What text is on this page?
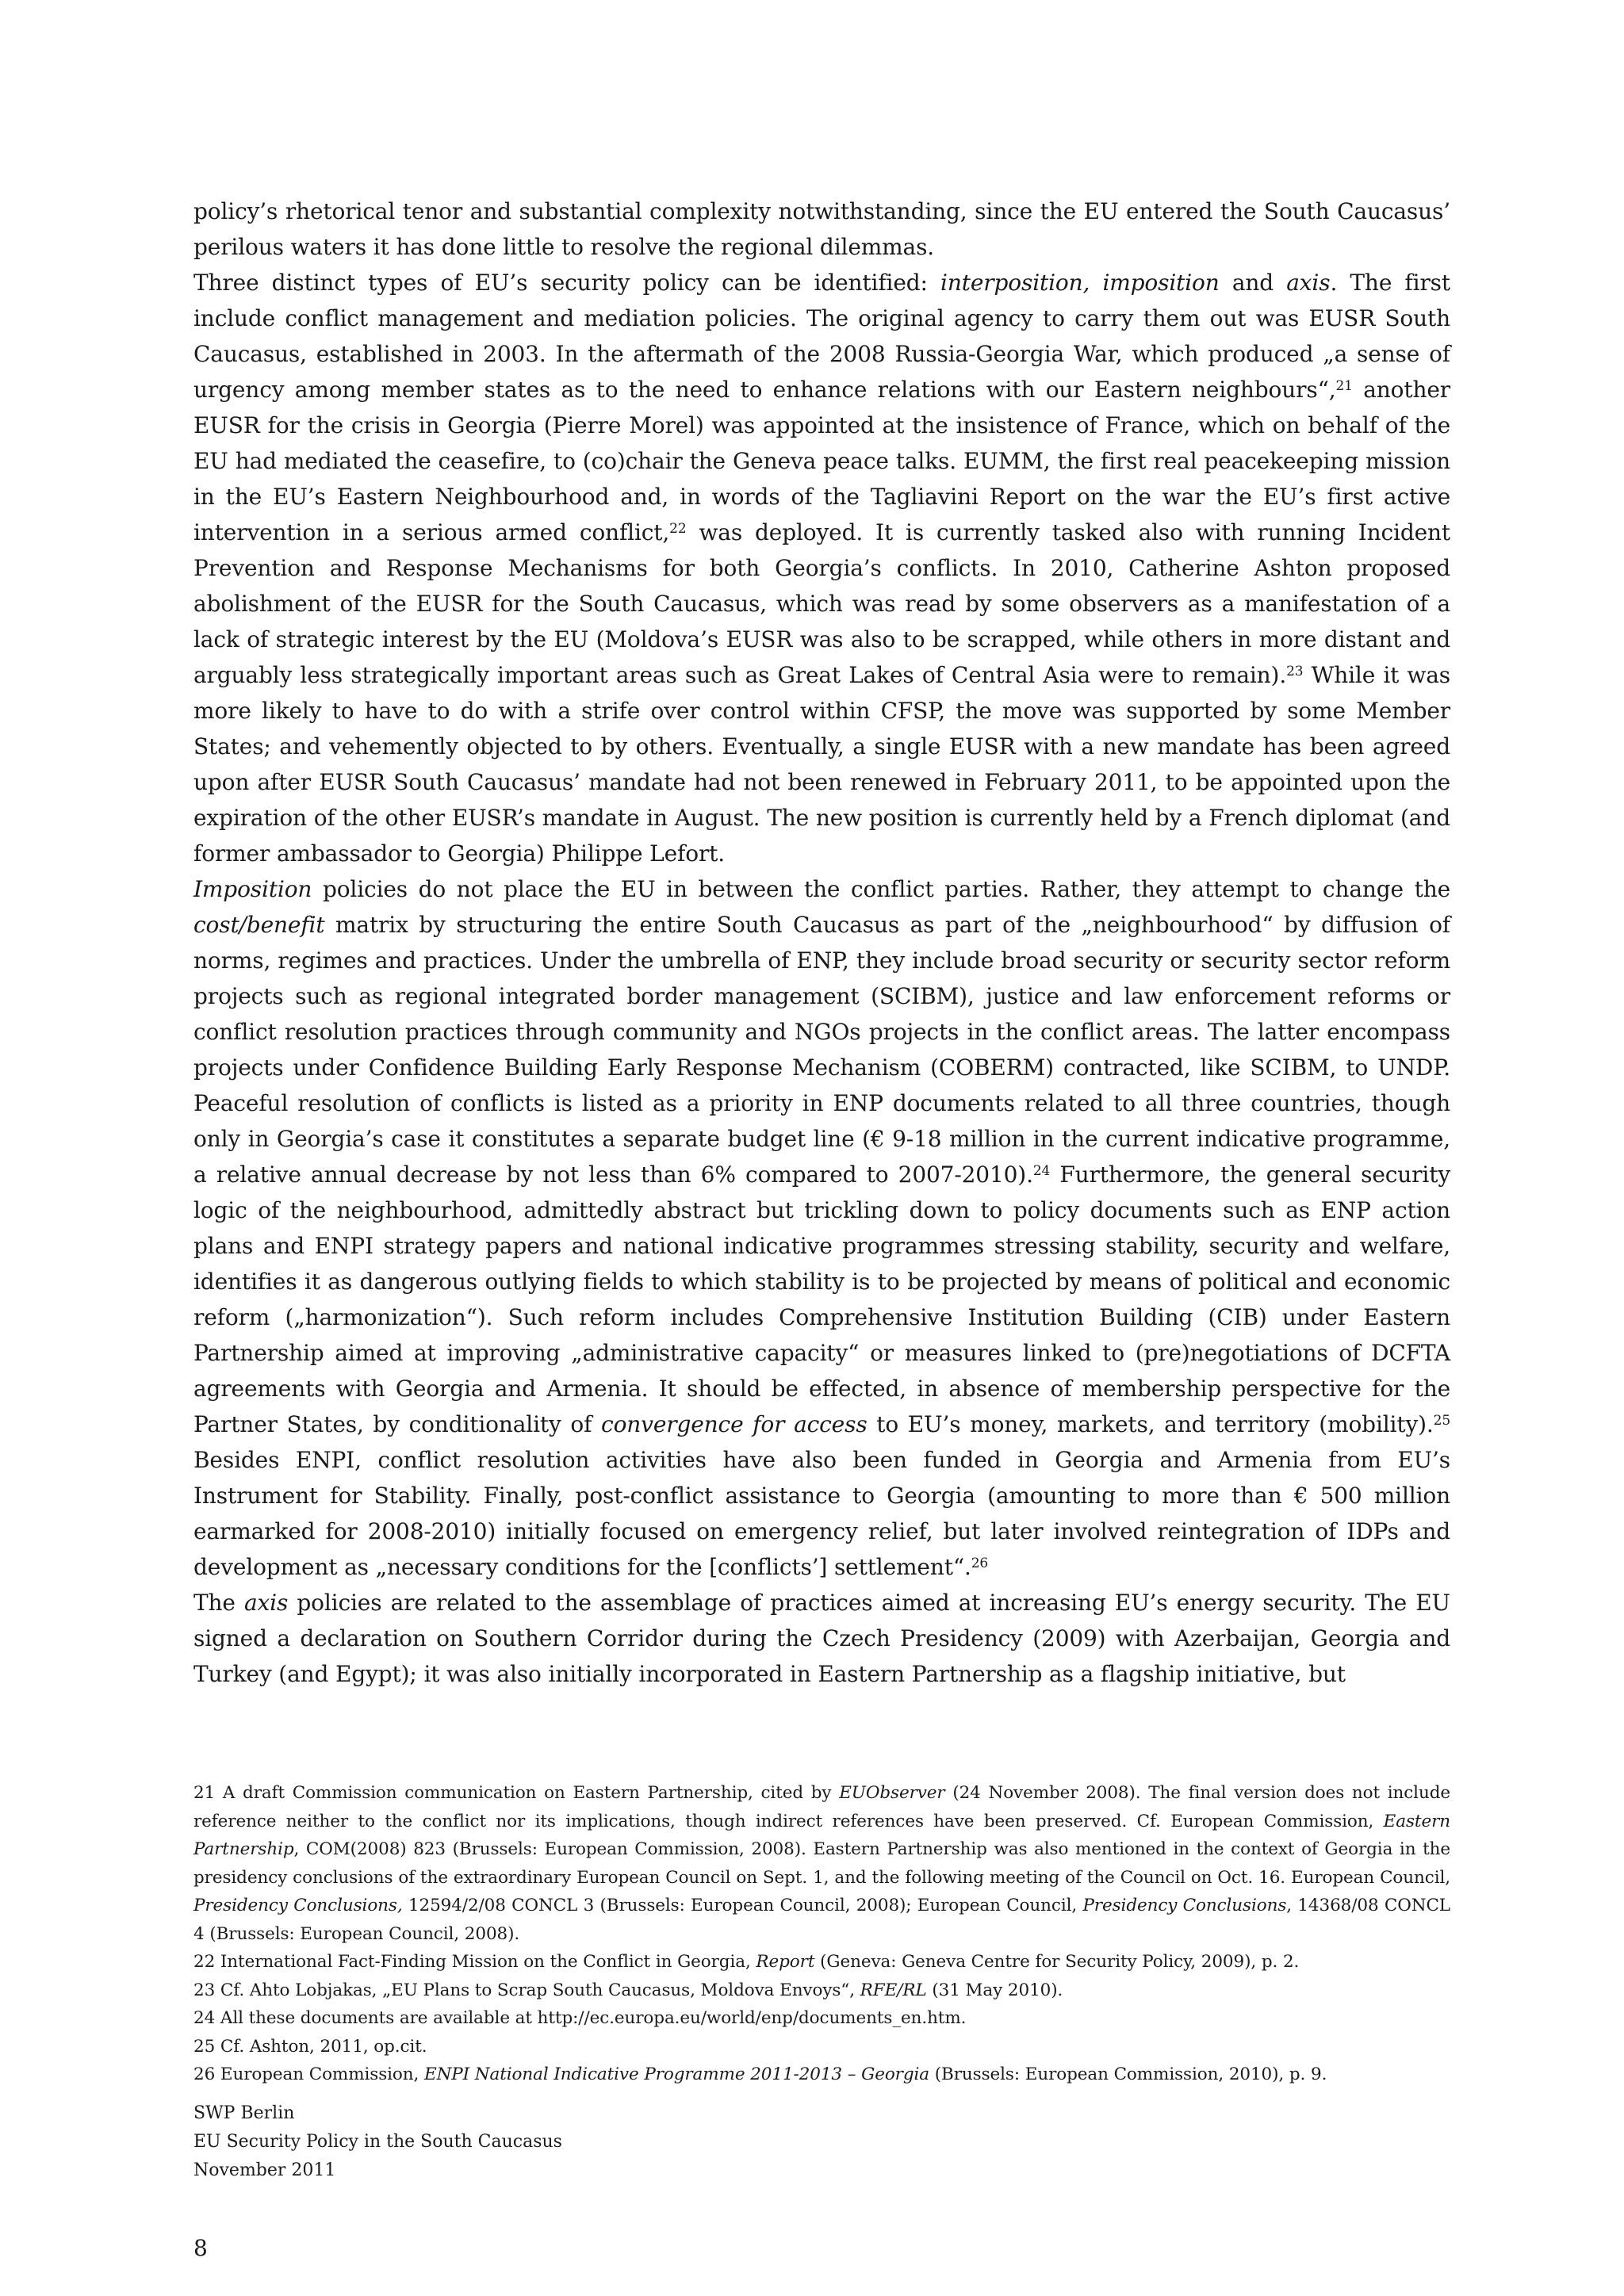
policy’s rhetorical tenor and substantial complexity notwithstanding, since the EU entered the South Caucasus’ perilous waters it has done little to resolve the regional dilemmas.

Three distinct types of EU’s security policy can be identified: interposition, imposition and axis. The first include conflict management and mediation policies. The original agency to carry them out was EUSR South Caucasus, established in 2003. In the aftermath of the 2008 Russia-Georgia War, which produced „a sense of urgency among member states as to the need to enhance relations with our Eastern neighbours“,$^{21}$ another EUSR for the crisis in Georgia (Pierre Morel) was appointed at the insistence of France, which on behalf of the EU had mediated the ceasefire, to (co)chair the Geneva peace talks. EUMM, the first real peacekeeping mission in the EU’s Eastern Neighbourhood and, in words of the Tagliavini Report on the war the EU’s first active intervention in a serious armed conflict,$^{22}$ was deployed. It is currently tasked also with running Incident Prevention and Response Mechanisms for both Georgia’s conflicts. In 2010, Catherine Ashton proposed abolishment of the EUSR for the South Caucasus, which was read by some observers as a manifestation of a lack of strategic interest by the EU (Moldova’s EUSR was also to be scrapped, while others in more distant and arguably less strategically important areas such as Great Lakes of Central Asia were to remain).$^{23}$ While it was more likely to have to do with a strife over control within CFSP, the move was supported by some Member States; and vehemently objected to by others. Eventually, a single EUSR with a new mandate has been agreed upon after EUSR South Caucasus’ mandate had not been renewed in February 2011, to be appointed upon the expiration of the other EUSR’s mandate in August. The new position is currently held by a French diplomat (and former ambassador to Georgia) Philippe Lefort.

Imposition policies do not place the EU in between the conflict parties. Rather, they attempt to change the cost/benefit matrix by structuring the entire South Caucasus as part of the „neighbourhood“ by diffusion of norms, regimes and practices. Under the umbrella of ENP, they include broad security or security sector reform projects such as regional integrated border management (SCIBM), justice and law enforcement reforms or conflict resolution practices through community and NGOs projects in the conflict areas. The latter encompass projects under Confidence Building Early Response Mechanism (COBERM) contracted, like SCIBM, to UNDP. Peaceful resolution of conflicts is listed as a priority in ENP documents related to all three countries, though only in Georgia’s case it constitutes a separate budget line (€ 9-18 million in the current indicative programme, a relative annual decrease by not less than 6% compared to 2007-2010).$^{24}$ Furthermore, the general security logic of the neighbourhood, admittedly abstract but trickling down to policy documents such as ENP action plans and ENPI strategy papers and national indicative programmes stressing stability, security and welfare, identifies it as dangerous outlying fields to which stability is to be projected by means of political and economic reform („harmonization“). Such reform includes Comprehensive Institution Building (CIB) under Eastern Partnership aimed at improving „administrative capacity“ or measures linked to (pre)negotiations of DCFTA agreements with Georgia and Armenia. It should be effected, in absence of membership perspective for the Partner States, by conditionality of convergence for access to EU’s money, markets, and territory (mobility).$^{25}$ Besides ENPI, conflict resolution activities have also been funded in Georgia and Armenia from EU’s Instrument for Stability. Finally, post-conflict assistance to Georgia (amounting to more than € 500 million earmarked for 2008-2010) initially focused on emergency relief, but later involved reintegration of IDPs and development as „necessary conditions for the [conflicts’] settlement“.$^{26}$

The axis policies are related to the assemblage of practices aimed at increasing EU’s energy security. The EU signed a declaration on Southern Corridor during the Czech Presidency (2009) with Azerbaijan, Georgia and Turkey (and Egypt); it was also initially incorporated in Eastern Partnership as a flagship initiative, but

21 A draft Commission communication on Eastern Partnership, cited by EUObserver (24 November 2008). The final version does not include reference neither to the conflict nor its implications, though indirect references have been preserved. Cf. European Commission, Eastern Partnership, COM(2008) 823 (Brussels: European Commission, 2008). Eastern Partnership was also mentioned in the context of Georgia in the presidency conclusions of the extraordinary European Council on Sept. 1, and the following meeting of the Council on Oct. 16. European Council, Presidency Conclusions, 12594/2/08 CONCL 3 (Brussels: European Council, 2008); European Council, Presidency Conclusions, 14368/08 CONCL 4 (Brussels: European Council, 2008).

22 International Fact-Finding Mission on the Conflict in Georgia, Report (Geneva: Geneva Centre for Security Policy, 2009), p. 2.

23 Cf. Ahto Lobjakas, „EU Plans to Scrap South Caucasus, Moldova Envoys“, RFE/RL (31 May 2010).

24 All these documents are available at http://ec.europa.eu/world/enp/documents_en.htm.

25 Cf. Ashton, 2011, op.cit.

26 European Commission, ENPI National Indicative Programme 2011-2013 – Georgia (Brussels: European Commission, 2010), p. 9.

SWP Berlin
EU Security Policy in the South Caucasus
November 2011
8
